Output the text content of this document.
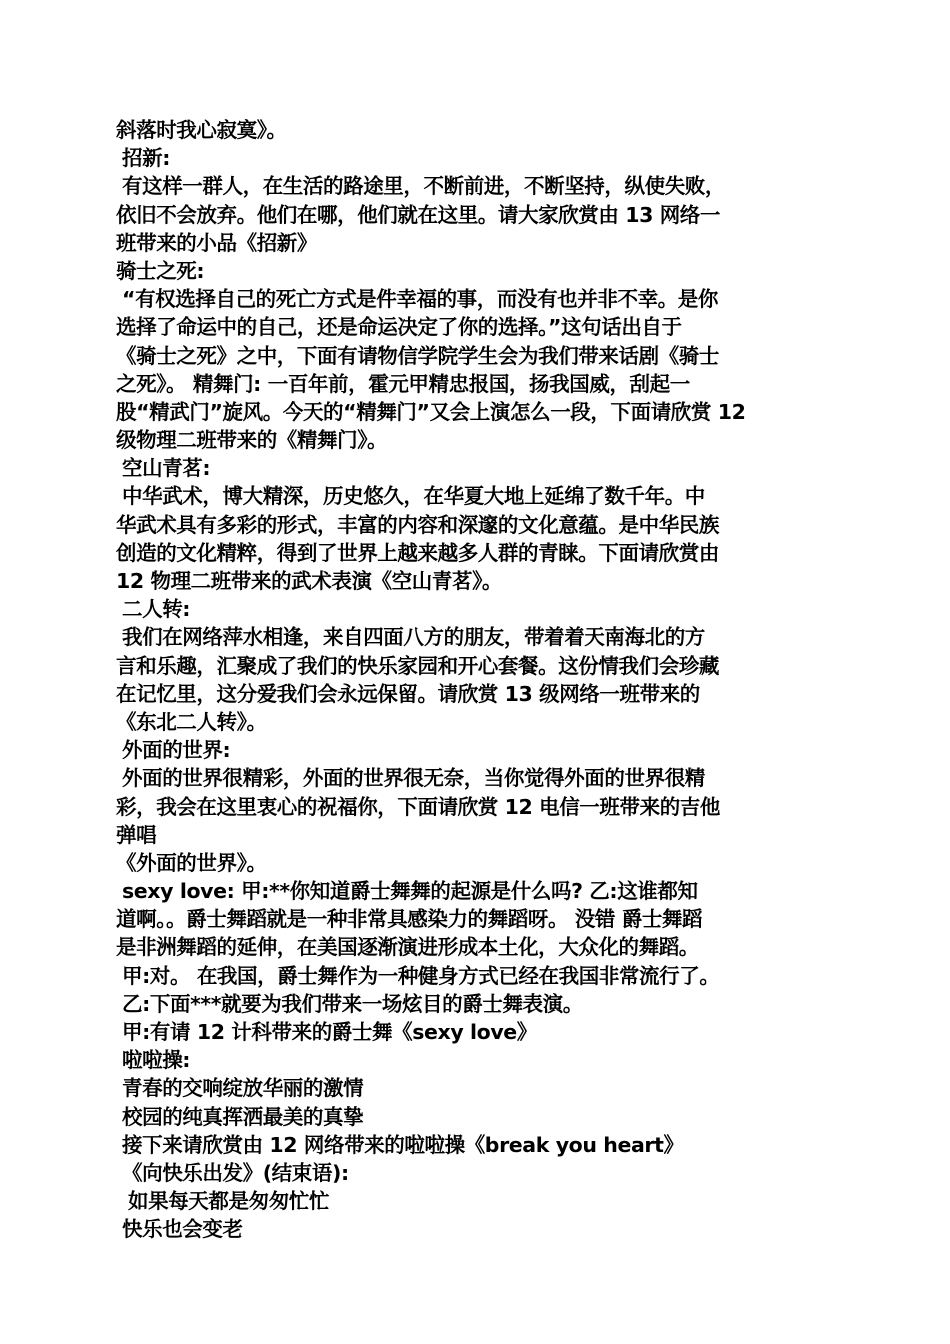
斜落时我心寂寞》。
招新:
有这样一群人，在生活的路途里，不断前进，不断坚持，纵使失败，
依旧不会放弃。他们在哪，他们就在这里。请大家欣赏由 13 网络一
班带来的小品《招新》
骑士之死:
“有权选择自己的死亡方式是件幸福的事，而没有也并非不幸。是你
选择了命运中的自己，还是命运决定了你的选择。”这句话出自于
《骑士之死》之中，下面有请物信学院学生会为我们带来话剧《骑士
之死》。 精舞门: 一百年前，霍元甲精忠报国，扬我国威，刮起一
股“精武门”旋风。今天的“精舞门”又会上演怎么一段，下面请欣赏 12
级物理二班带来的《精舞门》。
空山青茗:
中华武术，博大精深，历史悠久，在华夏大地上延绵了数千年。中
华武术具有多彩的形式，丰富的内容和深邃的文化意蕴。是中华民族
创造的文化精粹，得到了世界上越来越多人群的青睐。下面请欣赏由
12 物理二班带来的武术表演《空山青茗》。
二人转:
我们在网络萍水相逢，来自四面八方的朋友，带着着天南海北的方
言和乐趣，汇聚成了我们的快乐家园和开心套餐。这份情我们会珍藏
在记忆里，这分爱我们会永远保留。请欣赏 13 级网络一班带来的
《东北二人转》。
外面的世界:
外面的世界很精彩，外面的世界很无奈，当你觉得外面的世界很精
彩，我会在这里衷心的祝福你，下面请欣赏 12 电信一班带来的吉他
弹唱
《外面的世界》。
sexy love: 甲:**你知道爵士舞舞的起源是什么吗? 乙:这谁都知
道啊。。爵士舞蹈就是一种非常具感染力的舞蹈呀。 没错 爵士舞蹈
是非洲舞蹈的延伸，在美国逐渐演进形成本土化，大众化的舞蹈。
甲:对。 在我国，爵士舞作为一种健身方式已经在我国非常流行了。
乙:下面***就要为我们带来一场炫目的爵士舞表演。
甲:有请 12 计科带来的爵士舞《sexy love》
啦啦操:
青春的交响绽放华丽的激情
校园的纯真挥洒最美的真挚
接下来请欣赏由 12 网络带来的啦啦操《break you heart》
《向快乐出发》(结束语):
如果每天都是匆匆忙忙
快乐也会变老
